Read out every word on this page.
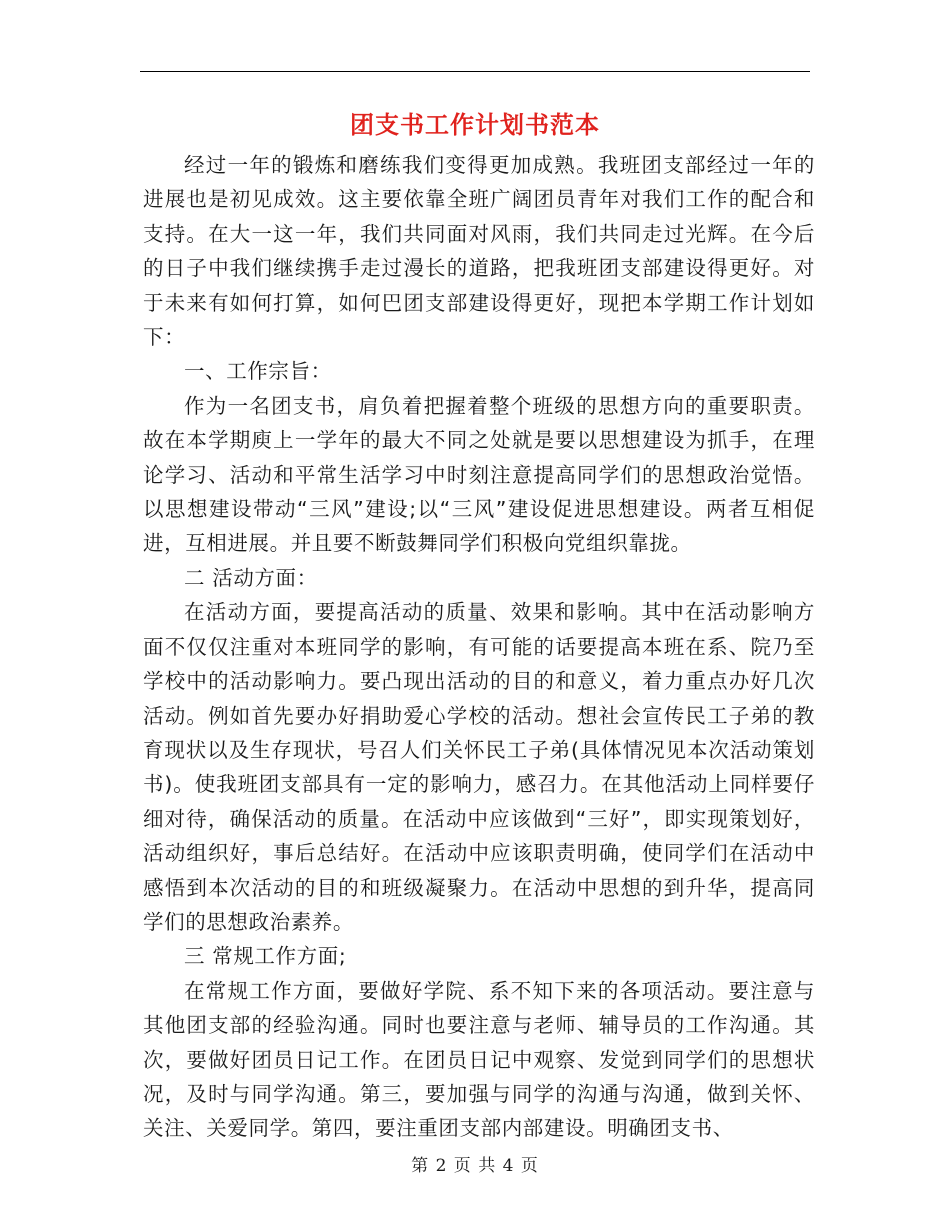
团支书工作计划书范本

经过一年的锻炼和磨练我们变得更加成熟。我班团支部经过一年的进展也是初见成效。这主要依靠全班广阔团员青年对我们工作的配合和支持。在大一这一年，我们共同面对风雨，我们共同走过光辉。在今后的日子中我们继续携手走过漫长的道路，把我班团支部建设得更好。对于未来有如何打算，如何巴团支部建设得更好，现把本学期工作计划如下：

一、工作宗旨：

作为一名团支书，肩负着把握着整个班级的思想方向的重要职责。故在本学期庾上一学年的最大不同之处就是要以思想建设为抓手，在理论学习、活动和平常生活学习中时刻注意提高同学们的思想政治觉悟。以思想建设带动“三风”建设;以“三风”建设促进思想建设。两者互相促进，互相进展。并且要不断鼓舞同学们积极向党组织靠拢。

二 活动方面：

在活动方面，要提高活动的质量、效果和影响。其中在活动影响方面不仅仅注重对本班同学的影响，有可能的话要提高本班在系、院乃至学校中的活动影响力。要凸现出活动的目的和意义，着力重点办好几次活动。例如首先要办好捐助爱心学校的活动。想社会宣传民工子弟的教育现状以及生存现状，号召人们关怀民工子弟(具体情况见本次活动策划书)。使我班团支部具有一定的影响力，感召力。在其他活动上同样要仔细对待，确保活动的质量。在活动中应该做到“三好”，即实现策划好，活动组织好，事后总结好。在活动中应该职责明确，使同学们在活动中感悟到本次活动的目的和班级凝聚力。在活动中思想的到升华，提高同学们的思想政治素养。

三 常规工作方面;

在常规工作方面，要做好学院、系不知下来的各项活动。要注意与其他团支部的经验沟通。同时也要注意与老师、辅导员的工作沟通。其次，要做好团员日记工作。在团员日记中观察、发觉到同学们的思想状况，及时与同学沟通。第三，要加强与同学的沟通与沟通，做到关怀、关注、关爱同学。第四，要注重团支部内部建设。明确团支书、

第 2 页 共 4 页
